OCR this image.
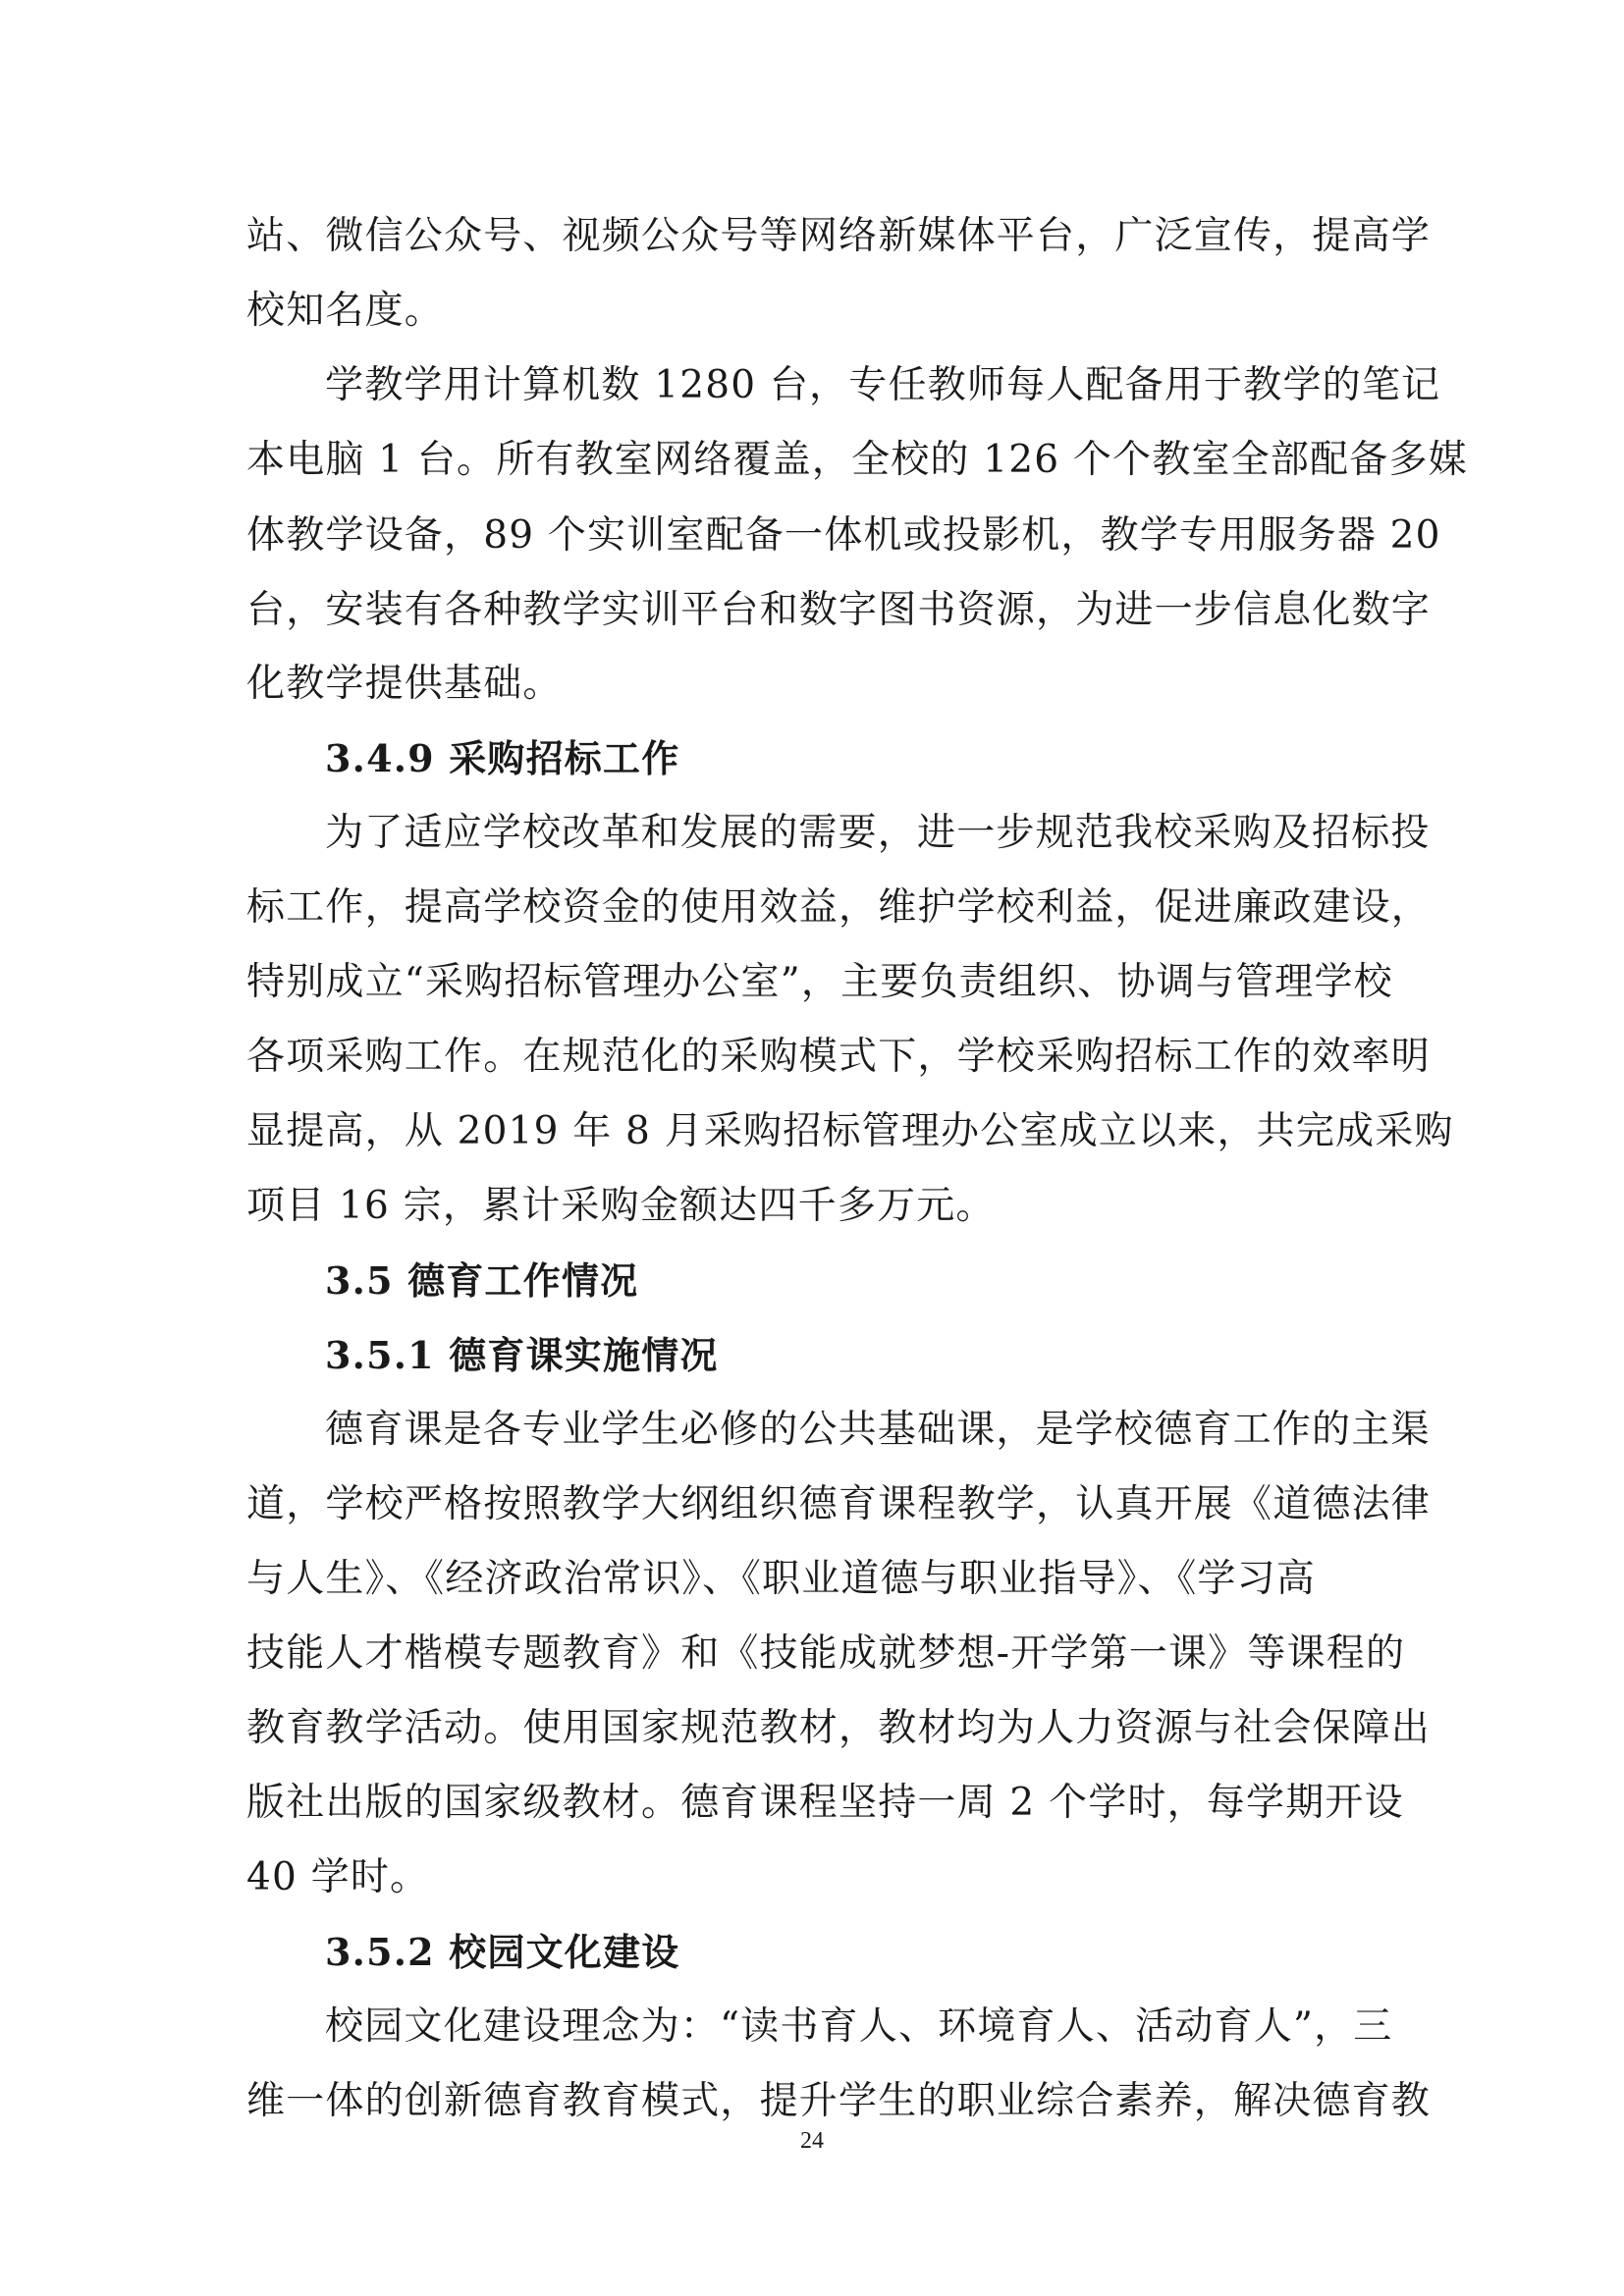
站、微信公众号、视频公众号等网络新媒体平台，广泛宣传，提高学
校知名度。
学教学用计算机数 1280 台，专任教师每人配备用于教学的笔记
本电脑 1 台。所有教室网络覆盖，全校的 126 个个教室全部配备多媒
体教学设备，89 个实训室配备一体机或投影机，教学专用服务器 20
台，安装有各种教学实训平台和数字图书资源，为进一步信息化数字
化教学提供基础。
3.4.9 采购招标工作
为了适应学校改革和发展的需要，进一步规范我校采购及招标投
标工作，提高学校资金的使用效益，维护学校利益，促进廉政建设，
特别成立“采购招标管理办公室”，主要负责组织、协调与管理学校
各项采购工作。在规范化的采购模式下，学校采购招标工作的效率明
显提高，从 2019 年 8 月采购招标管理办公室成立以来，共完成采购
项目 16 宗，累计采购金额达四千多万元。
3.5 德育工作情况
3.5.1 德育课实施情况
德育课是各专业学生必修的公共基础课，是学校德育工作的主渠
道，学校严格按照教学大纲组织德育课程教学，认真开展《道德法律
与人生》、《经济政治常识》、《职业道德与职业指导》、《学习高
技能人才楷模专题教育》和《技能成就梦想-开学第一课》等课程的
教育教学活动。使用国家规范教材，教材均为人力资源与社会保障出
版社出版的国家级教材。德育课程坚持一周 2 个学时，每学期开设
40 学时。
3.5.2 校园文化建设
校园文化建设理念为：“读书育人、环境育人、活动育人”，三
维一体的创新德育教育模式，提升学生的职业综合素养，解决德育教
24
